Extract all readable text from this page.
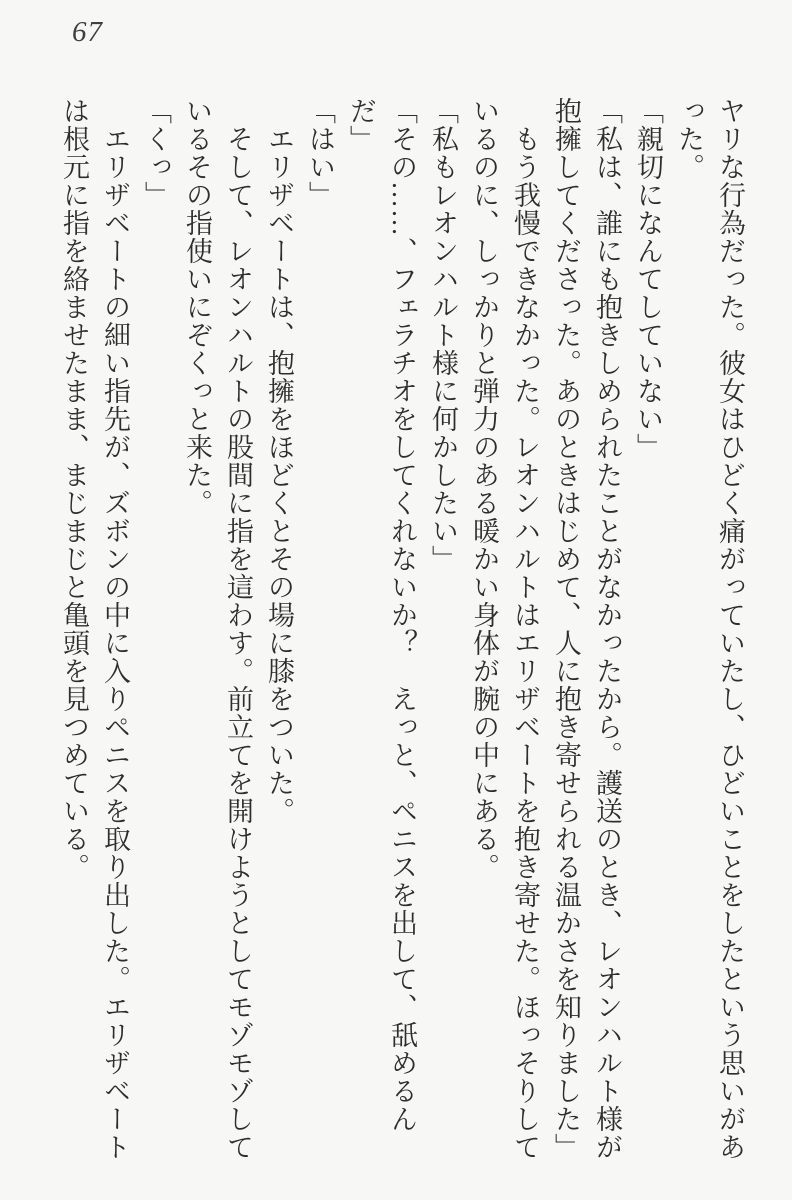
67
ヤリな行為だった。彼女はひどく痛がっていたし、ひどいことをしたという思いがあ
った。
「親切になんてしていない」
「私は、誰にも抱きしめられたことがなかったから。護送のとき、レオンハルト様が
抱擁してくださった。あのときはじめて、人に抱き寄せられる温かさを知りました」
もう我慢できなかった。レオンハルトはエリザベートを抱き寄せた。ほっそりして
いるのに、しっかりと弾力のある暖かい身体が腕の中にある。
「私もレオンハルト様に何かしたい」
「その……、フェラチオをしてくれないか？　えっと、ペニスを出して、舐めるん
だ」
「はい」
エリザベートは、抱擁をほどくとその場に膝をついた。
そして、レオンハルトの股間に指を這わす。前立てを開けようとしてモゾモゾして
いるその指使いにぞくっと来た。
「くっ」
エリザベートの細い指先が、ズボンの中に入りペニスを取り出した。エリザベート
は根元に指を絡ませたまま、まじまじと亀頭を見つめている。
